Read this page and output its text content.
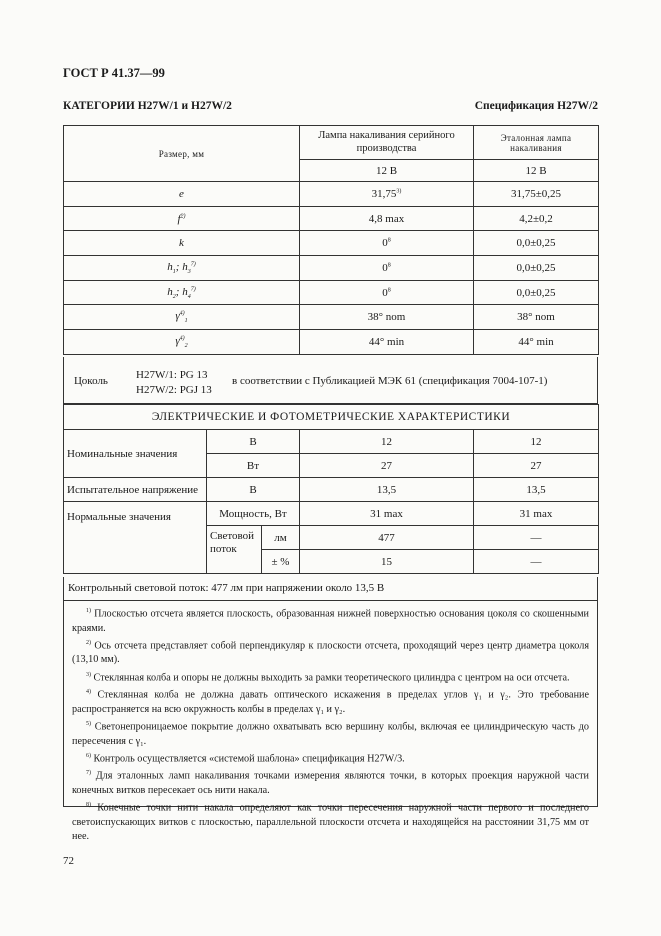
ГОСТ Р 41.37—99
КАТЕГОРИИ H27W/1 и H27W/2	Спецификация H27W/2
Размер, мм	Лампа накаливания серийного производства	Эталонная лампа накаливания
	12 В	12 В
e	31,75$^{3)}$	31,75±0,25
$f^{2)}$	4,8 max	4,2±0,2
k	$0^8$	0,0±0,25
$h_1$; $h_3^{7)}$	$0^8$	0,0±0,25
$h_2$; $h_4^{7)}$	$0^8$	0,0±0,25
$\gamma^{4)}_1$	38° nom	38° nom
$\gamma^{4)}_2$	44° min	44° min
Цоколь	H27W/1: PG 13
H27W/2: PGJ 13
в соответствии с Публикацией МЭК 61 (спецификация 7004-107-1)
ЭЛЕКТРИЧЕСКИЕ И ФОТОМЕТРИЧЕСКИЕ ХАРАКТЕРИСТИКИ				
Номинальные значения	В		12	12
	Вт		27	27
Испытательное напряжение	В		13,5	13,5
Нормальные значения	Мощность, Вт		31 max	31 max
	Световой поток	лм	477	—
		± %	15	—
Контрольный световой поток: 477 лм при напряжении около 13,5 В

$^{1)}$ Плоскостью отсчета является плоскость, образованная нижней поверхностью основания цоколя со скошенными краями.

$^{2)}$ Ось отсчета представляет собой перпендикуляр к плоскости отсчета, проходящий через центр диаметра цоколя (13,10 мм).

$^{3)}$ Стеклянная колба и опоры не должны выходить за рамки теоретического цилиндра с центром на оси отсчета.

$^{4)}$ Стеклянная колба не должна давать оптического искажения в пределах углов γ₁ и γ₂. Это требование распространяется на всю окружность колбы в пределах γ₁ и γ₂.

$^{5)}$ Светонепроницаемое покрытие должно охватывать всю вершину колбы, включая ее цилиндрическую часть до пересечения с γ₁.

$^{6)}$ Контроль осуществляется «системой шаблона» спецификация H27W/3.

$^{7)}$ Для эталонных ламп накаливания точками измерения являются точки, в которых проекция наружной части конечных витков пересекает ось нити накала.

$^{8)}$ Конечные точки нити накала определяют как точки пересечения наружной части первого и последнего светоиспускающих витков с плоскостью, параллельной плоскости отсчета и находящейся на расстоянии 31,75 мм от нее.

72
